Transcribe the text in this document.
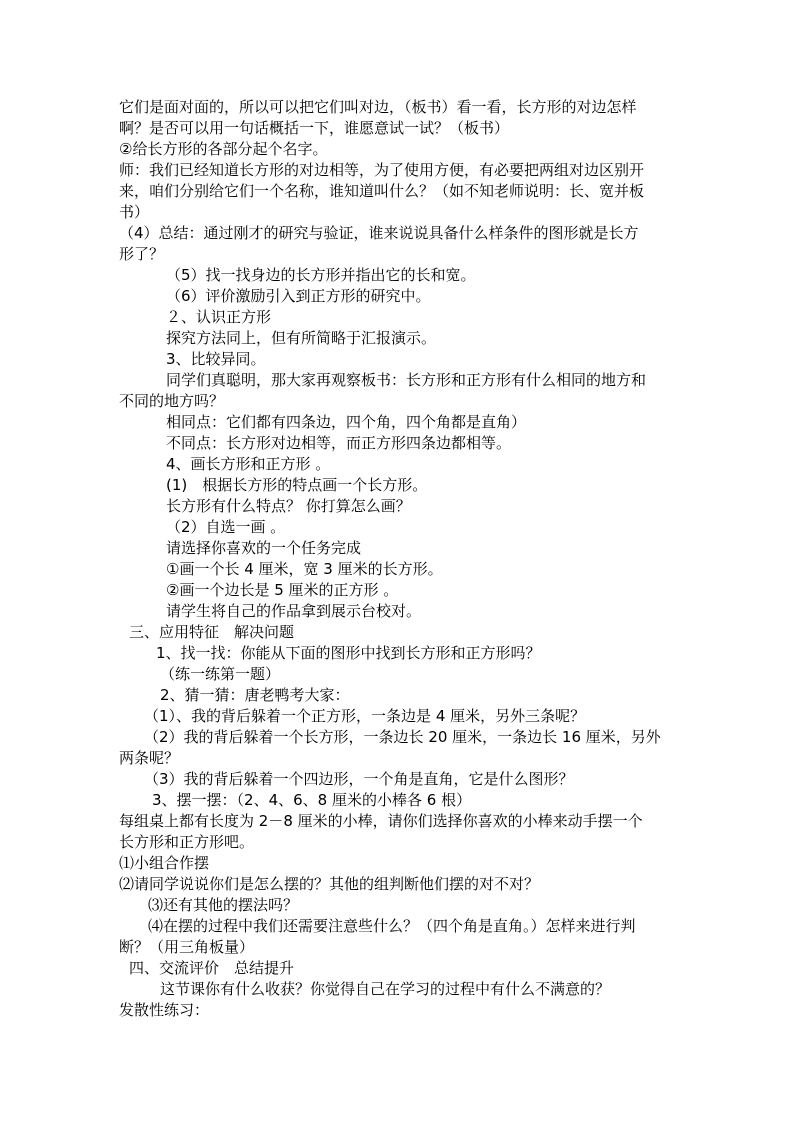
它们是面对面的，所以可以把它们叫对边，（板书）看一看，长方形的对边怎样
啊？是否可以用一句话概括一下，谁愿意试一试？（板书）
②给长方形的各部分起个名字。
师：我们已经知道长方形的对边相等，为了使用方便，有必要把两组对边区别开
来，咱们分别给它们一个名称，谁知道叫什么？（如不知老师说明：长、宽并板
书）
（4）总结：通过刚才的研究与验证，谁来说说具备什么样条件的图形就是长方
形了？
（5）找一找身边的长方形并指出它的长和宽。
（6）评价激励引入到正方形的研究中。
２、认识正方形
探究方法同上，但有所简略于汇报演示。
3、比较异同。
同学们真聪明，那大家再观察板书：长方形和正方形有什么相同的地方和
不同的地方吗？
相同点：它们都有四条边，四个角，四个角都是直角）
不同点：长方形对边相等，而正方形四条边都相等。
4、画长方形和正方形 。
(1)　根据长方形的特点画一个长方形。
长方形有什么特点？ 你打算怎么画？
（2）自选一画 。
请选择你喜欢的一个任务完成
①画一个长 4 厘米，宽 3 厘米的长方形。
②画一个边长是 5 厘米的正方形 。
请学生将自己的作品拿到展示台校对。
三、应用特征　解决问题
1、找一找：你能从下面的图形中找到长方形和正方形吗？
（练一练第一题）
2、猜一猜：唐老鸭考大家：
（1）、我的背后躲着一个正方形，一条边是 4 厘米，另外三条呢？
（2）我的背后躲着一个长方形，一条边长 20 厘米，一条边长 16 厘米，另外
两条呢？
（3）我的背后躲着一个四边形，一个角是直角，它是什么图形？
3、摆一摆：（2、4、6、8 厘米的小棒各 6 根）
每组桌上都有长度为 2－8 厘米的小棒，请你们选择你喜欢的小棒来动手摆一个
长方形和正方形吧。
⑴小组合作摆
⑵请同学说说你们是怎么摆的？其他的组判断他们摆的对不对？
⑶还有其他的摆法吗？
⑷在摆的过程中我们还需要注意些什么？（四个角是直角。）怎样来进行判
断？（用三角板量）
四、交流评价　总结提升
这节课你有什么收获？你觉得自己在学习的过程中有什么不满意的？
发散性练习：
